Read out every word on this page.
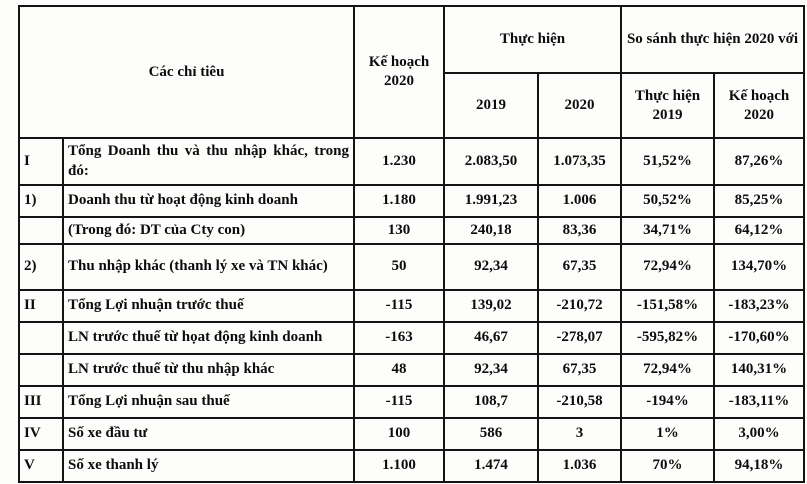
Các chỉ tiêu		Kế hoạch 2020	Thực hiện		So sánh thực hiện 2020 với	
			2019	2020	Thực hiện 2019	Kế hoạch 2020
I	Tổng Doanh thu và thu nhập khác, trong đó:	1.230	2.083,50	1.073,35	51,52%	87,26%
1)	Doanh thu từ hoạt động kinh doanh	1.180	1.991,23	1.006	50,52%	85,25%
	(Trong đó: DT của Cty con)	130	240,18	83,36	34,71%	64,12%
2)	Thu nhập khác (thanh lý xe và TN khác)	50	92,34	67,35	72,94%	134,70%
II	Tổng Lợi nhuận trước thuế	-115	139,02	-210,72	-151,58%	-183,23%
	LN trước thuế từ họat động kinh doanh	-163	46,67	-278,07	-595,82%	-170,60%
	LN trước thuế từ thu nhập khác	48	92,34	67,35	72,94%	140,31%
III	Tổng Lợi nhuận sau thuế	-115	108,7	-210,58	-194%	-183,11%
IV	Số xe đầu tư	100	586	3	1%	3,00%
V	Số xe thanh lý	1.100	1.474	1.036	70%	94,18%
